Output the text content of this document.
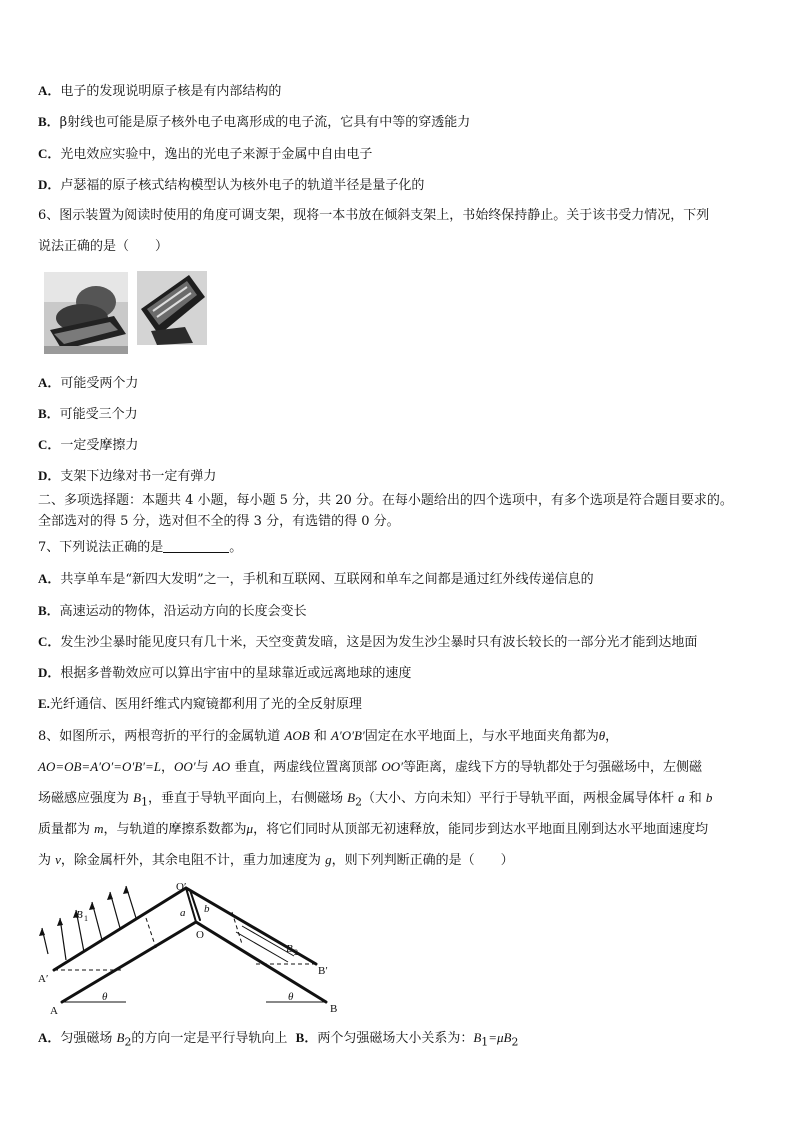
A．电子的发现说明原子核是有内部结构的
B．β射线也可能是原子核外电子电离形成的电子流，它具有中等的穿透能力
C．光电效应实验中，逸出的光电子来源于金属中自由电子
D．卢瑟福的原子核式结构模型认为核外电子的轨道半径是量子化的
6、图示装置为阅读时使用的角度可调支架，现将一本书放在倾斜支架上，书始终保持静止。关于该书受力情况，下列
说法正确的是（　　）
A．可能受两个力
B．可能受三个力
C．一定受摩擦力
D．支架下边缘对书一定有弹力
二、多项选择题：本题共 4 小题，每小题 5 分，共 20 分。在每小题给出的四个选项中，有多个选项是符合题目要求的。
全部选对的得 5 分，选对但不全的得 3 分，有选错的得 0 分。
7、下列说法正确的是	。
A．共享单车是“新四大发明”之一，手机和互联网、互联网和单车之间都是通过红外线传递信息的
B．高速运动的物体，沿运动方向的长度会变长
C．发生沙尘暴时能见度只有几十米，天空变黄发暗，这是因为发生沙尘暴时只有波长较长的一部分光才能到达地面
D．根据多普勒效应可以算出宇宙中的星球靠近或远离地球的速度
E.光纤通信、医用纤维式内窥镜都利用了光的全反射原理
8、如图所示，两根弯折的平行的金属轨道 AOB 和 A′O′B′固定在水平地面上，与水平地面夹角都为θ，
AO=OB=A′O′=O′B′=L，OO′与 AO 垂直，两虚线位置离顶部 OO′等距离，虚线下方的导轨都处于匀强磁场中，左侧磁
场磁感应强度为 $B_1$，垂直于导轨平面向上，右侧磁场 $B_2$（大小、方向未知）平行于导轨平面，两根金属导体杆 a 和 b
质量都为 m，与轨道的摩擦系数都为μ，将它们同时从顶部无初速释放，能同步到达水平地面且刚到达水平地面速度均
为 v，除金属杆外，其余电阻不计，重力加速度为 g，则下列判断正确的是（　　）
O′
O
a b
B 1
B 2
A′
A
B′
B
θ	θ
A．匀强磁场 $B_2$的方向一定是平行导轨向上 B．两个匀强磁场大小关系为：$B_1=\mu B_2$
